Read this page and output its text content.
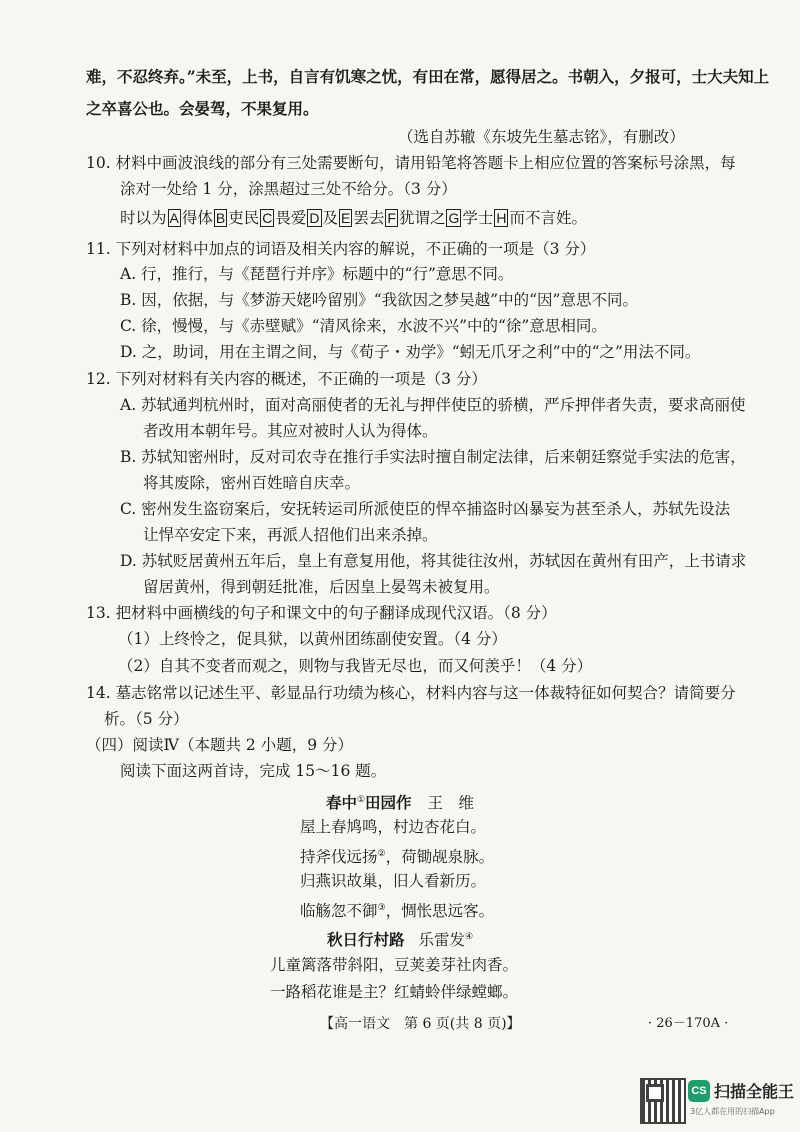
难，不忍终弃。”未至，上书，自言有饥寒之忧，有田在常，愿得居之。书朝入，夕报可，士大夫知上
之卒喜公也。会晏驾，不果复用。
（选自苏辙《东坡先生墓志铭》，有删改）
10. 材料中画波浪线的部分有三处需要断句，请用铅笔将答题卡上相应位置的答案标号涂黑，每
涂对一处给 1 分，涂黑超过三处不给分。（3 分）
时以为 A 得体 B 吏民 C 畏爱 D 及 E 罢去 F 犹谓之 G 学士 H 而不言姓。
11. 下列对材料中加点的词语及相关内容的解说，不正确的一项是（3 分）
A. 行，推行，与《琵琶行并序》标题中的“行”意思不同。
B. 因，依据，与《梦游天姥吟留别》“我欲因之梦吴越”中的“因”意思不同。
C. 徐，慢慢，与《赤壁赋》“清风徐来，水波不兴”中的“徐”意思相同。
D. 之，助词，用在主谓之间，与《荀子・劝学》“蚓无爪牙之利”中的“之”用法不同。
12. 下列对材料有关内容的概述，不正确的一项是（3 分）
A. 苏轼通判杭州时，面对高丽使者的无礼与押伴使臣的骄横，严斥押伴者失责，要求高丽使
者改用本朝年号。其应对被时人认为得体。
B. 苏轼知密州时，反对司农寺在推行手实法时擅自制定法律，后来朝廷察觉手实法的危害，
将其废除，密州百姓暗自庆幸。
C. 密州发生盗窃案后，安抚转运司所派使臣的悍卒捕盗时凶暴妄为甚至杀人，苏轼先设法
让悍卒安定下来，再派人招他们出来杀掉。
D. 苏轼贬居黄州五年后，皇上有意复用他，将其徙往汝州，苏轼因在黄州有田产，上书请求
留居黄州，得到朝廷批准，后因皇上晏驾未被复用。
13. 把材料中画横线的句子和课文中的句子翻译成现代汉语。（8 分）
（1）上终怜之，促具狱，以黄州团练副使安置。（4 分）
（2）自其不变者而观之，则物与我皆无尽也，而又何羡乎！（4 分）
14. 墓志铭常以记述生平、彰显品行功绩为核心，材料内容与这一体裁特征如何契合？请简要分
析。（5 分）
（四）阅读Ⅳ（本题共 2 小题，9 分）
阅读下面这两首诗，完成 15～16 题。
春中①田园作 王　维
屋上春鸠鸣，村边杏花白。
持斧伐远扬②，荷锄觇泉脉。
归燕识故巢，旧人看新历。
临觞忽不御③，惆怅思远客。
秋日行村路 乐雷发④
儿童篱落带斜阳，豆荚姜芽社肉香。
一路稻花谁是主？红蜻蛉伴绿螳螂。
【高一语文　第 6 页(共 8 页)】	· 26－170A ·
CS 扫描全能王
3亿人都在用的扫描App
